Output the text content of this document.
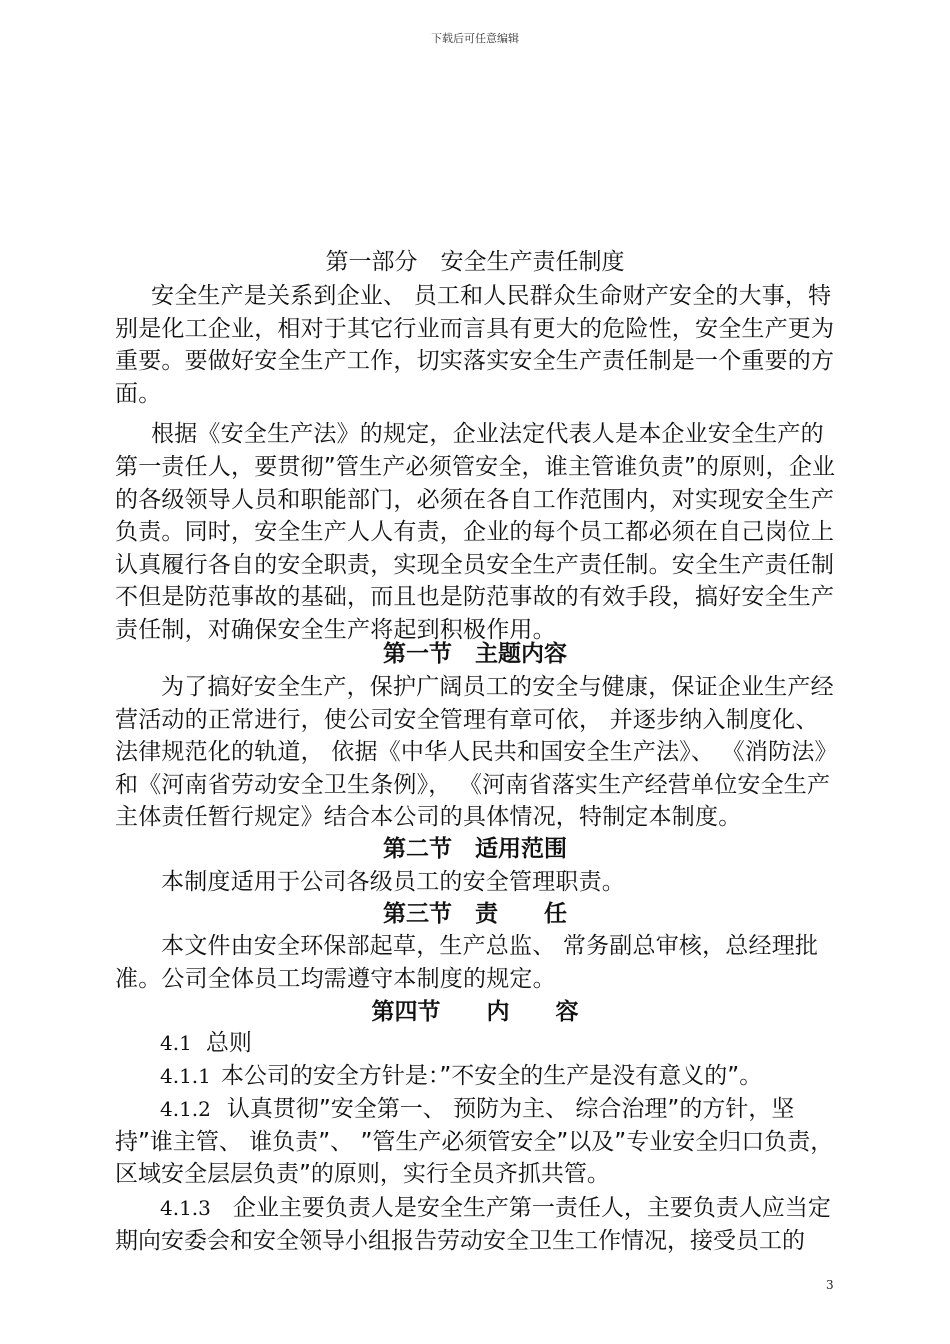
下载后可任意编辑
第一部分　安全生产责任制度

安全生产是关系到企业、 员工和人民群众生命财产安全的大事，特别是化工企业，相对于其它行业而言具有更大的危险性，安全生产更为重要。要做好安全生产工作，切实落实安全生产责任制是一个重要的方面。

根据《安全生产法》的规定，企业法定代表人是本企业安全生产的第一责任人，要贯彻”管生产必须管安全，谁主管谁负责”的原则，企业的各级领导人员和职能部门，必须在各自工作范围内，对实现安全生产负责。同时，安全生产人人有责，企业的每个员工都必须在自己岗位上认真履行各自的安全职责，实现全员安全生产责任制。安全生产责任制不但是防范事故的基础，而且也是防范事故的有效手段，搞好安全生产责任制，对确保安全生产将起到积极作用。

第一节　主题内容

为了搞好安全生产，保护广阔员工的安全与健康，保证企业生产经营活动的正常进行，使公司安全管理有章可依， 并逐步纳入制度化、法律规范化的轨道， 依据《中华人民共和国安全生产法》、 《消防法》和《河南省劳动安全卫生条例》， 《河南省落实生产经营单位安全生产主体责任暂行规定》结合本公司的具体情况，特制定本制度。

第二节　适用范围

本制度适用于公司各级员工的安全管理职责。

第三节　责　　任

本文件由安全环保部起草，生产总监、 常务副总审核，总经理批准。公司全体员工均需遵守本制度的规定。

第四节　　内　　容
4.1 总则
4.1.1 本公司的安全方针是：”不安全的生产是没有意义的”。

4.1.2 认真贯彻”安全第一、 预防为主、 综合治理”的方针，坚持”谁主管、 谁负责”、 ”管生产必须管安全”以及”专业安全归口负责，区域安全层层负责”的原则，实行全员齐抓共管。

4.1.3 企业主要负责人是安全生产第一责任人，主要负责人应当定期向安委会和安全领导小组报告劳动安全卫生工作情况，接受员工的

3
